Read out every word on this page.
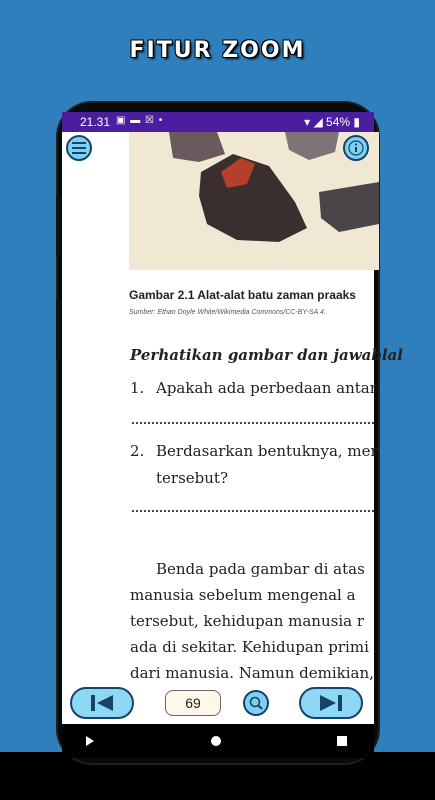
FITUR ZOOM
21.31 ▣ ▬ ☒ •	▾ ◢ 54% ▮
Gambar 2.1 Alat-alat batu zaman praaks
Sumber: Ethan Doyle White/Wikimedia Commons/CC-BY-SA 4.
Perhatikan gambar dan jawablal
1. Apakah ada perbedaan antar
2. Berdasarkan bentuknya, mer
tersebut?
Benda pada gambar di atas
manusia sebelum mengenal a
tersebut, kehidupan manusia r
ada di sekitar. Kehidupan primi
dari manusia. Namun demikian,
69
